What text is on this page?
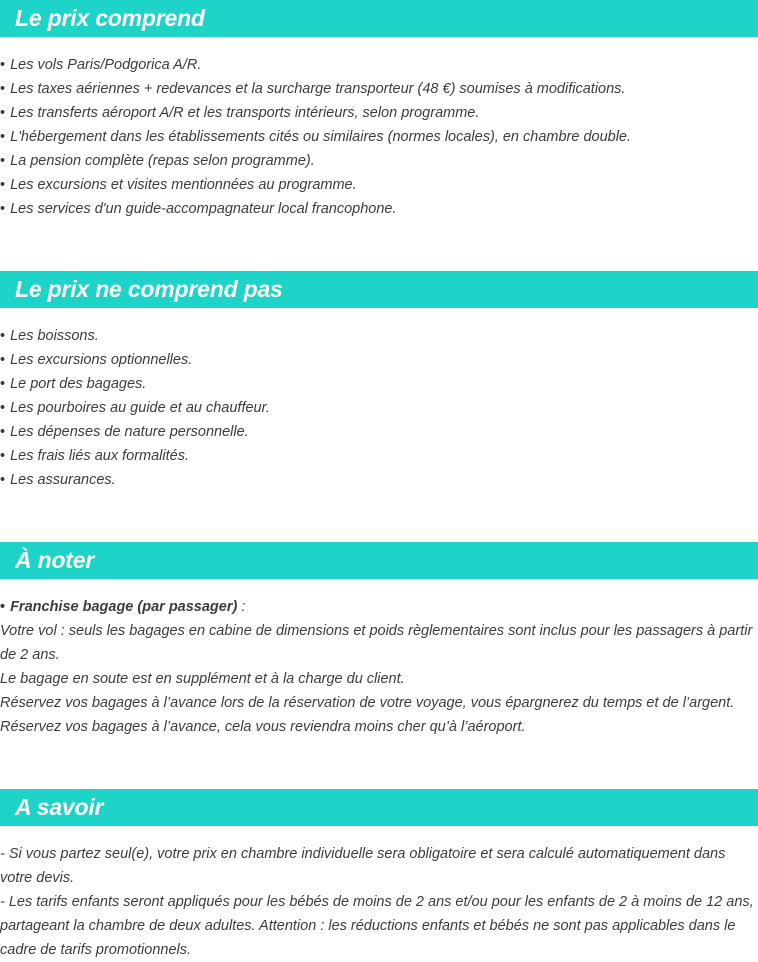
Le prix comprend
• Les vols Paris/Podgorica A/R.
• Les taxes aériennes + redevances et la surcharge transporteur (48 €) soumises à modifications.
• Les transferts aéroport A/R et les transports intérieurs, selon programme.
• L'hébergement dans les établissements cités ou similaires (normes locales), en chambre double.
• La pension complète (repas selon programme).
• Les excursions et visites mentionnées au programme.
• Les services d'un guide-accompagnateur local francophone.
Le prix ne comprend pas
• Les boissons.
• Les excursions optionnelles.
• Le port des bagages.
• Les pourboires au guide et au chauffeur.
• Les dépenses de nature personnelle.
• Les frais liés aux formalités.
• Les assurances.
À noter
• Franchise bagage (par passager) :
Votre vol : seuls les bagages en cabine de dimensions et poids règlementaires sont inclus pour les passagers à partir de 2 ans.
Le bagage en soute est en supplément et à la charge du client.
Réservez vos bagages à l’avance lors de la réservation de votre voyage, vous épargnerez du temps et de l’argent.
Réservez vos bagages à l’avance, cela vous reviendra moins cher qu’à l’aéroport.
A savoir
- Si vous partez seul(e), votre prix en chambre individuelle sera obligatoire et sera calculé automatiquement dans votre devis.
- Les tarifs enfants seront appliqués pour les bébés de moins de 2 ans et/ou pour les enfants de 2 à moins de 12 ans, partageant la chambre de deux adultes. Attention : les réductions enfants et bébés ne sont pas applicables dans le cadre de tarifs promotionnels.
